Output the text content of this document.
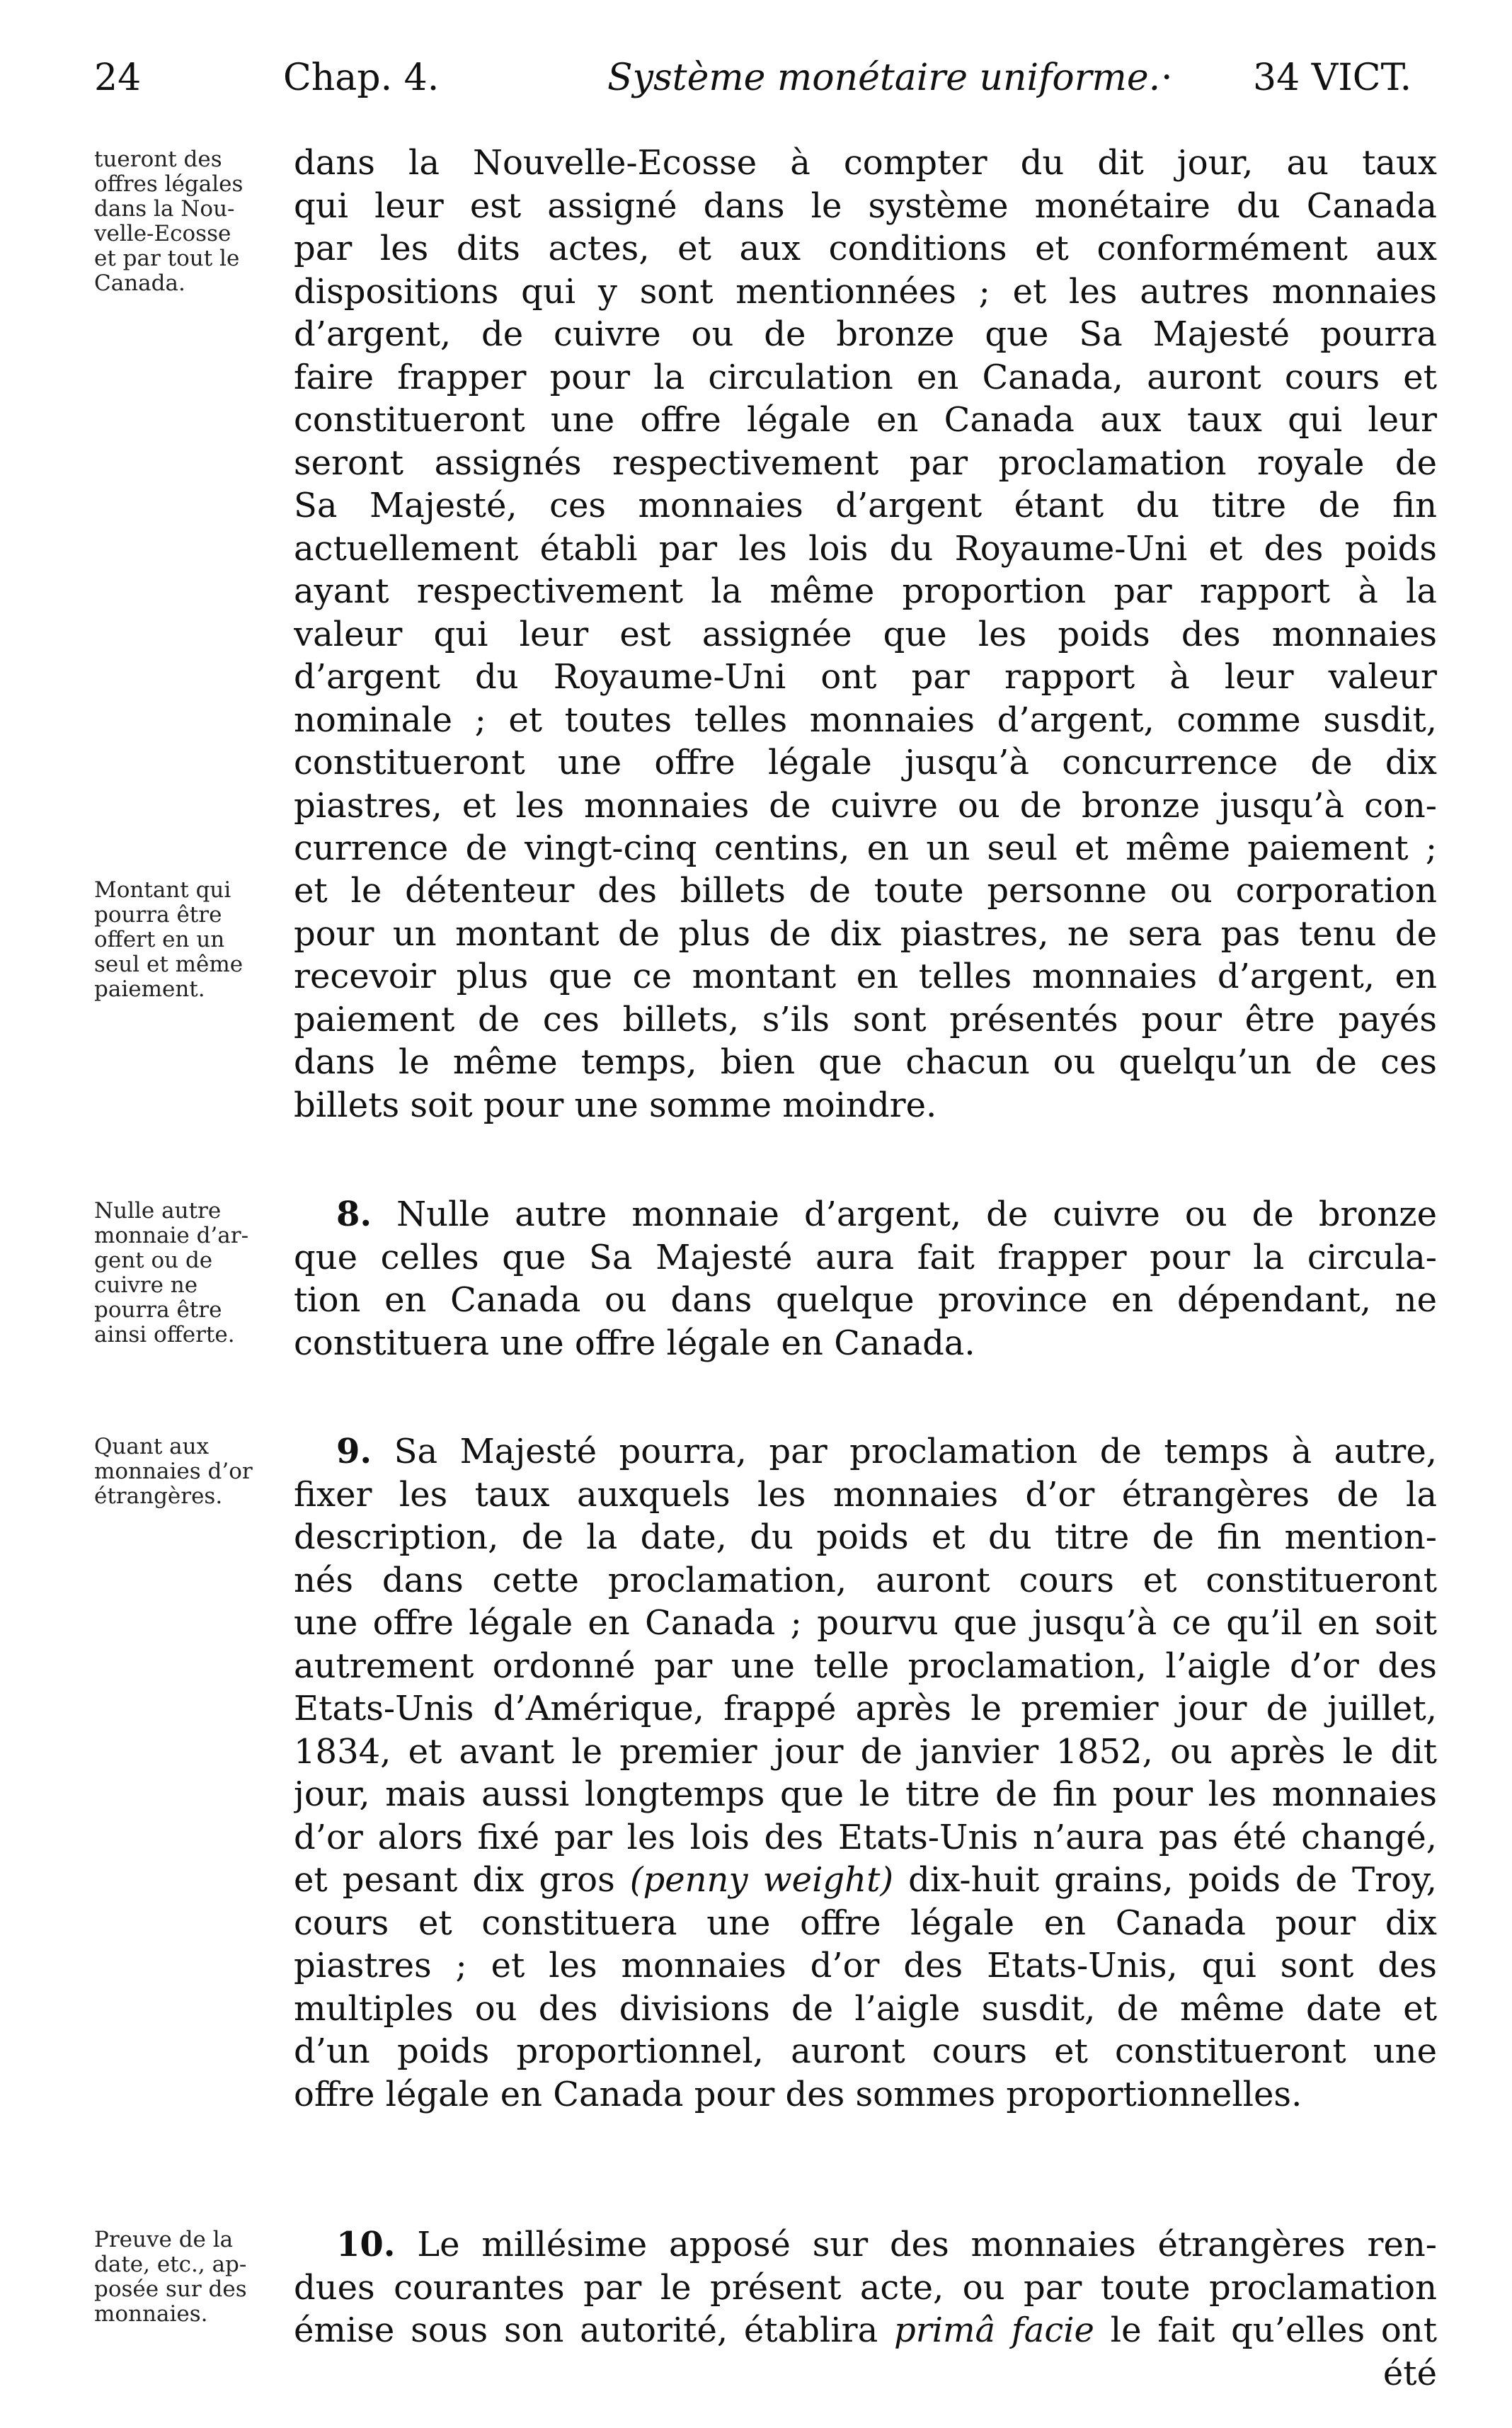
24	Chap. 4.	Système monétaire uniforme. · 34 VICT.
tueront des
offres légales
dans la Nou-
velle-Ecosse
et par tout le
Canada.
dans la Nouvelle-Ecosse à compter du dit jour, au taux
qui leur est assigné dans le système monétaire du Canada
par les dits actes, et aux conditions et conformément aux
dispositions qui y sont mentionnées ; et les autres monnaies
d’argent, de cuivre ou de bronze que Sa Majesté pourra
faire frapper pour la circulation en Canada, auront cours et
constitueront une offre légale en Canada aux taux qui leur
seront assignés respectivement par proclamation royale de
Sa Majesté, ces monnaies d’argent étant du titre de fin
actuellement établi par les lois du Royaume-Uni et des poids
ayant respectivement la même proportion par rapport à la
valeur qui leur est assignée que les poids des monnaies
d’argent du Royaume-Uni ont par rapport à leur valeur
nominale ; et toutes telles monnaies d’argent, comme susdit,
constitueront une offre légale jusqu’à concurrence de dix
piastres, et les monnaies de cuivre ou de bronze jusqu’à con-
currence de vingt-cinq centins, en un seul et même paiement ;
Montant qui
pourra être
offert en un
seul et même
paiement.
et le détenteur des billets de toute personne ou corporation
pour un montant de plus de dix piastres, ne sera pas tenu de
recevoir plus que ce montant en telles monnaies d’argent, en
paiement de ces billets, s’ils sont présentés pour être payés
dans le même temps, bien que chacun ou quelqu’un de ces
billets soit pour une somme moindre.
Nulle autre
monnaie d’ar-
gent ou de
cuivre ne
pourra être
ainsi offerte.
8. Nulle autre monnaie d’argent, de cuivre ou de bronze
que celles que Sa Majesté aura fait frapper pour la circula-
tion en Canada ou dans quelque province en dépendant, ne
constituera une offre légale en Canada.
Quant aux
monnaies d’or
étrangères.
9. Sa Majesté pourra, par proclamation de temps à autre,
fixer les taux auxquels les monnaies d’or étrangères de la
description, de la date, du poids et du titre de fin mention-
nés dans cette proclamation, auront cours et constitueront
une offre légale en Canada ; pourvu que jusqu’à ce qu’il en soit
autrement ordonné par une telle proclamation, l’aigle d’or des
Etats-Unis d’Amérique, frappé après le premier jour de juillet,
1834, et avant le premier jour de janvier 1852, ou après le dit
jour, mais aussi longtemps que le titre de fin pour les monnaies
d’or alors fixé par les lois des Etats-Unis n’aura pas été changé,
et pesant dix gros (penny weight) dix-huit grains, poids de Troy,
cours et constituera une offre légale en Canada pour dix
piastres ; et les monnaies d’or des Etats-Unis, qui sont des
multiples ou des divisions de l’aigle susdit, de même date et
d’un poids proportionnel, auront cours et constitueront une
offre légale en Canada pour des sommes proportionnelles.
Preuve de la
date, etc., ap-
posée sur des
monnaies.
10. Le millésime apposé sur des monnaies étrangères ren-
dues courantes par le présent acte, ou par toute proclamation
émise sous son autorité, établira primâ facie le fait qu’elles ont
été
